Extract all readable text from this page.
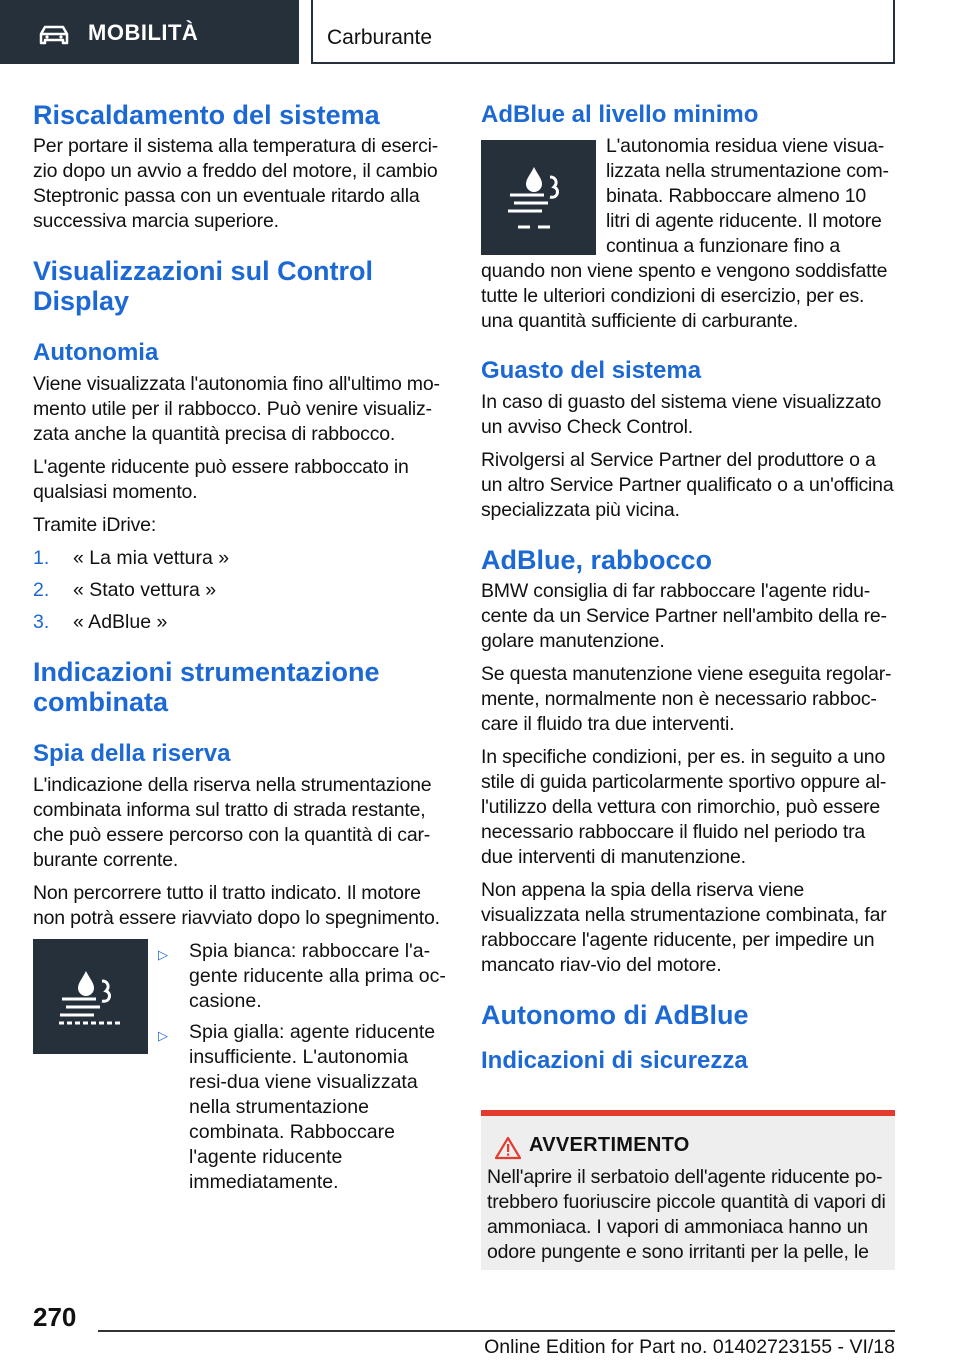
MOBILITÀ	Carburante
Riscaldamento del sistema

Per portare il sistema alla temperatura di eserci-zio dopo un avvio a freddo del motore, il cambio Steptronic passa con un eventuale ritardo alla successiva marcia superiore.

Visualizzazioni sul Control Display
Autonomia

Viene visualizzata l'autonomia fino all'ultimo mo-mento utile per il rabbocco. Può venire visualiz-zata anche la quantità precisa di rabbocco.

L'agente riducente può essere rabboccato in qualsiasi momento.

Tramite iDrive:

1. « La mia vettura »
2. « Stato vettura »
3. « AdBlue »
Indicazioni strumentazione combinata
Spia della riserva

L'indicazione della riserva nella strumentazione combinata informa sul tratto di strada restante, che può essere percorso con la quantità di car-burante corrente.

Non percorrere tutto il tratto indicato. Il motore non potrà essere riavviato dopo lo spegnimento.

▷ Spia bianca: rabboccare l'a-gente riducente alla prima oc-casione.
▷ Spia gialla: agente riducente insufficiente. L'autonomia resi-dua viene visualizzata nella strumentazione combinata. Rabboccare l'agente riducente immediatamente.
AdBlue al livello minimo

L'autonomia residua viene visua-lizzata nella strumentazione com-binata. Rabboccare almeno 10 litri di agente riducente. Il motore continua a funzionare fino a quando non viene spento e vengono soddisfatte tutte le ulteriori condizioni di esercizio, per es. una quantità sufficiente di carburante.

Guasto del sistema

In caso di guasto del sistema viene visualizzato un avviso Check Control.

Rivolgersi al Service Partner del produttore o a un altro Service Partner qualificato o a un'officina specializzata più vicina.

AdBlue, rabbocco

BMW consiglia di far rabboccare l'agente ridu-cente da un Service Partner nell'ambito della re-golare manutenzione.

Se questa manutenzione viene eseguita regolar-mente, normalmente non è necessario rabboc-care il fluido tra due interventi.

In specifiche condizioni, per es. in seguito a uno stile di guida particolarmente sportivo oppure al-l'utilizzo della vettura con rimorchio, può essere necessario rabboccare il fluido nel periodo tra due interventi di manutenzione.

Non appena la spia della riserva viene visualizzata nella strumentazione combinata, far rabboccare l'agente riducente, per impedire un mancato riav-vio del motore.

Autonomo di AdBlue
Indicazioni di sicurezza
AVVERTIMENTO

Nell'aprire il serbatoio dell'agente riducente po-trebbero fuoriuscire piccole quantità di vapori di ammoniaca. I vapori di ammoniaca hanno un odore pungente e sono irritanti per la pelle, le

270
Online Edition for Part no. 01402723155 - VI/18
